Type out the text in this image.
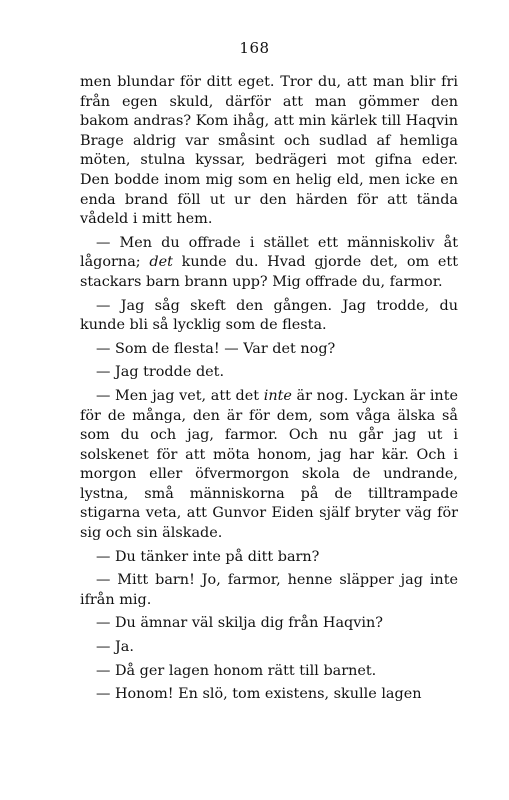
168

men blundar för ditt eget. Tror du, att man blir fri från egen skuld, därför att man gömmer den bakom andras? Kom ihåg, att min kärlek till Haqvin Brage aldrig var småsint och sudlad af hemliga möten, stulna kyssar, bedrägeri mot gifna eder. Den bodde inom mig som en helig eld, men icke en enda brand föll ut ur den härden för att tända vådeld i mitt hem.

— Men du offrade i stället ett människoliv åt lågorna; det kunde du. Hvad gjorde det, om ett stackars barn brann upp? Mig offrade du, farmor.

— Jag såg skeft den gången. Jag trodde, du kunde bli så lycklig som de flesta.

— Som de flesta! — Var det nog?

— Jag trodde det.

— Men jag vet, att det inte är nog. Lyckan är inte för de många, den är för dem, som våga älska så som du och jag, farmor. Och nu går jag ut i solskenet för att möta honom, jag har kär. Och i morgon eller öfvermorgon skola de undrande, lystna, små människorna på de tilltrampade stigarna veta, att Gunvor Eiden själf bryter väg för sig och sin älskade.

— Du tänker inte på ditt barn?

— Mitt barn! Jo, farmor, henne släpper jag inte ifrån mig.

— Du ämnar väl skilja dig från Haqvin?

— Ja.

— Då ger lagen honom rätt till barnet.

— Honom! En slö, tom existens, skulle lagen
